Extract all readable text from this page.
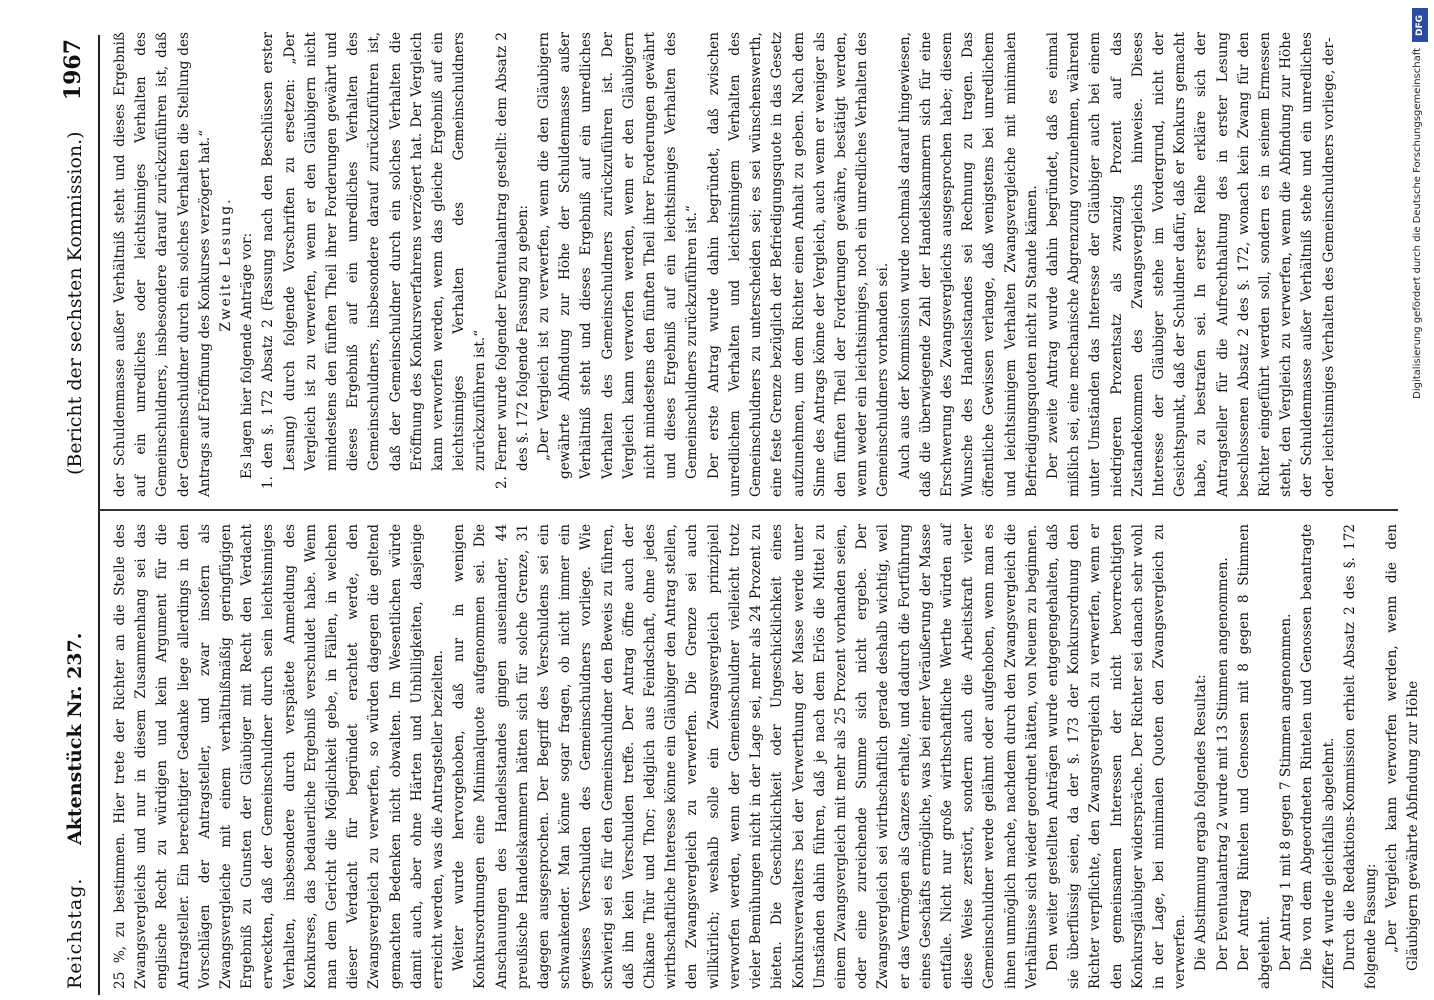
Reichstag.
Aktenstück Nr. 237.
(Bericht der sechsten Kommission.)
1967

25 %, zu bestimmen. Hier trete der Richter an die Stelle des Zwangsvergleichs und nur in diesem Zusammenhang sei das englische Recht zu würdigen und kein Argument für die Antragsteller. Ein berechtigter Gedanke liege allerdings in den Vorschlägen der Antragsteller, und zwar insofern als Zwangsvergleiche mit einem verhältnißmäßig geringfügigen Ergebniß zu Gunsten der Gläubiger mit Recht den Verdacht erweckten, daß der Gemeinschuldner durch sein leichtsinniges Verhalten, insbesondere durch verspätete Anmeldung des Konkurses, das bedauerliche Ergebniß verschuldet habe. Wenn man dem Gericht die Möglichkeit gebe, in Fällen, in welchen dieser Verdacht für begründet erachtet werde, den Zwangsvergleich zu verwerfen, so würden dagegen die geltend gemachten Bedenken nicht obwalten. Im Wesentlichen würde damit auch, aber ohne Härten und Unbilligkeiten, dasjenige erreicht werden, was die Antragsteller bezielten. Weiter wurde hervorgehoben, daß nur in wenigen Konkursordnungen eine Minimalquote aufgenommen sei. Die Anschauungen des Handelsstandes gingen auseinander, 44 preußische Handelskammern hätten sich für solche Grenze, 31 dagegen ausgesprochen. Der Begriff des Verschuldens sei ein schwankender. Man könne sogar fragen, ob nicht immer ein gewisses Verschulden des Gemeinschuldners vorliege. Wie schwierig sei es für den Gemeinschuldner den Beweis zu führen, daß ihn kein Verschulden treffe. Der Antrag öffne auch der Chikane Thür und Thor; lediglich aus Feindschaft, ohne jedes wirthschaftliche Interesse könne ein Gläubiger den Antrag stellen, den Zwangsvergleich zu verwerfen. Die Grenze sei auch willkürlich; weshalb solle ein Zwangsvergleich prinzipiell verworfen werden, wenn der Gemeinschuldner vielleicht trotz vieler Bemühungen nicht in der Lage sei, mehr als 24 Prozent zu bieten. Die Geschicklichkeit oder Ungeschicklichkeit eines Konkursverwalters bei der Verwerthung der Masse werde unter Umständen dahin führen, daß je nach dem Erlös die Mittel zu einem Zwangsvergleich mit mehr als 25 Prozent vorhanden seien, oder eine zureichende Summe sich nicht ergebe. Der Zwangsvergleich sei wirthschaftlich gerade deshalb wichtig, weil er das Vermögen als Ganzes erhalte, und dadurch die Fortführung eines Geschäfts ermögliche, was bei einer Veräußerung der Masse entfalle. Nicht nur große wirthschaftliche Werthe würden auf diese Weise zerstört, sondern auch die Arbeitskraft vieler Gemeinschuldner werde gelähmt oder aufgehoben, wenn man es ihnen unmöglich mache, nachdem durch den Zwangsvergleich die Verhältnisse sich wieder geordnet hätten, von Neuem zu beginnen. Den weiter gestellten Anträgen wurde entgegengehalten, daß sie überflüssig seien, da der §. 173 der Konkursordnung den Richter verpflichte, den Zwangsvergleich zu verwerfen, wenn er den gemeinsamen Interessen der nicht bevorrechtigten Konkursgläubiger widerspräche. Der Richter sei danach sehr wohl in der Lage, bei minimalen Quoten den Zwangsvergleich zu verwerfen. Die Abstimmung ergab folgendes Resultat: Der Eventualantrag 2 wurde mit 13 Stimmen angenommen. Der Antrag Rintelen und Genossen mit 8 gegen 8 Stimmen abgelehnt. Der Antrag 1 mit 8 gegen 7 Stimmen angenommen. Die von dem Abgeordneten Rintelen und Genossen beantragte Ziffer 4 wurde gleichfalls abgelehnt. Durch die Redaktions-Kommission erhielt Absatz 2 des §. 172 folgende Fassung: „Der Vergleich kann verworfen werden, wenn die den Gläubigern gewährte Abfindung zur Höhe

der Schuldenmasse außer Verhältniß steht und dieses Ergebniß auf ein unredliches oder leichtsinniges Verhalten des Gemeinschuldners, insbesondere darauf zurückzuführen ist, daß der Gemeinschuldner durch ein solches Verhalten die Stellung des Antrags auf Eröffnung des Konkurses verzögert hat.“ Zweite Lesung. Es lagen hier folgende Anträge vor: 1. den §. 172 Absatz 2 (Fassung nach den Beschlüssen erster Lesung) durch folgende Vorschriften zu ersetzen: „Der Vergleich ist zu verwerfen, wenn er den Gläubigern nicht mindestens den fünften Theil ihrer Forderungen gewährt und dieses Ergebniß auf ein unredliches Verhalten des Gemeinschuldners, insbesondere darauf zurückzuführen ist, daß der Gemeinschuldner durch ein solches Verhalten die Eröffnung des Konkursverfahrens verzögert hat. Der Vergleich kann verworfen werden, wenn das gleiche Ergebniß auf ein leichtsinniges Verhalten des Gemeinschuldners zurückzuführen ist.“ 2. Ferner wurde folgender Eventualantrag gestellt: dem Absatz 2 des §. 172 folgende Fassung zu geben: „Der Vergleich ist zu verwerfen, wenn die den Gläubigern gewährte Abfindung zur Höhe der Schuldenmasse außer Verhältniß steht und dieses Ergebniß auf ein unredliches Verhalten des Gemeinschuldners zurückzuführen ist. Der Vergleich kann verworfen werden, wenn er den Gläubigern nicht mindestens den fünften Theil ihrer Forderungen gewährt und dieses Ergebniß auf ein leichtsinniges Verhalten des Gemeinschuldners zurückzuführen ist.“ Der erste Antrag wurde dahin begründet, daß zwischen unredlichem Verhalten und leichtsinnigem Verhalten des Gemeinschuldners zu unterscheiden sei; es sei wünschenswerth, eine feste Grenze bezüglich der Befriedigungsquote in das Gesetz aufzunehmen, um dem Richter einen Anhalt zu geben. Nach dem Sinne des Antrags könne der Vergleich, auch wenn er weniger als den fünften Theil der Forderungen gewähre, bestätigt werden, wenn weder ein leichtsinniges, noch ein unredliches Verhalten des Gemeinschuldners vorhanden sei. Auch aus der Kommission wurde nochmals darauf hingewiesen, daß die überwiegende Zahl der Handelskammern sich für eine Erschwerung des Zwangsvergleichs ausgesprochen habe; diesem Wunsche des Handelsstandes sei Rechnung zu tragen. Das öffentliche Gewissen verlange, daß wenigstens bei unredlichem und leichtsinnigem Verhalten Zwangsvergleiche mit minimalen Befriedigungsquoten nicht zu Stande kämen. Der zweite Antrag wurde dahin begründet, daß es einmal mißlich sei, eine mechanische Abgrenzung vorzunehmen, während unter Umständen das Interesse der Gläubiger auch bei einem niedrigeren Prozentsatz als zwanzig Prozent auf das Zustandekommen des Zwangsvergleichs hinweise. Dieses Interesse der Gläubiger stehe im Vordergrund, nicht der Gesichtspunkt, daß der Schuldner dafür, daß er Konkurs gemacht habe, zu bestrafen sei. In erster Reihe erkläre sich der Antragsteller für die Aufrechthaltung des in erster Lesung beschlossenen Absatz 2 des §. 172, wonach kein Zwang für den Richter eingeführt werden soll, sondern es in seinem Ermessen steht, den Vergleich zu verwerfen, wenn die Abfindung zur Höhe der Schuldenmasse außer Verhältniß stehe und ein unredliches oder leichtsinniges Verhalten des Gemeinschuldners vorliege, der-

DFG
Digitalisierung gefördert durch die Deutsche Forschungsgemeinschaft
